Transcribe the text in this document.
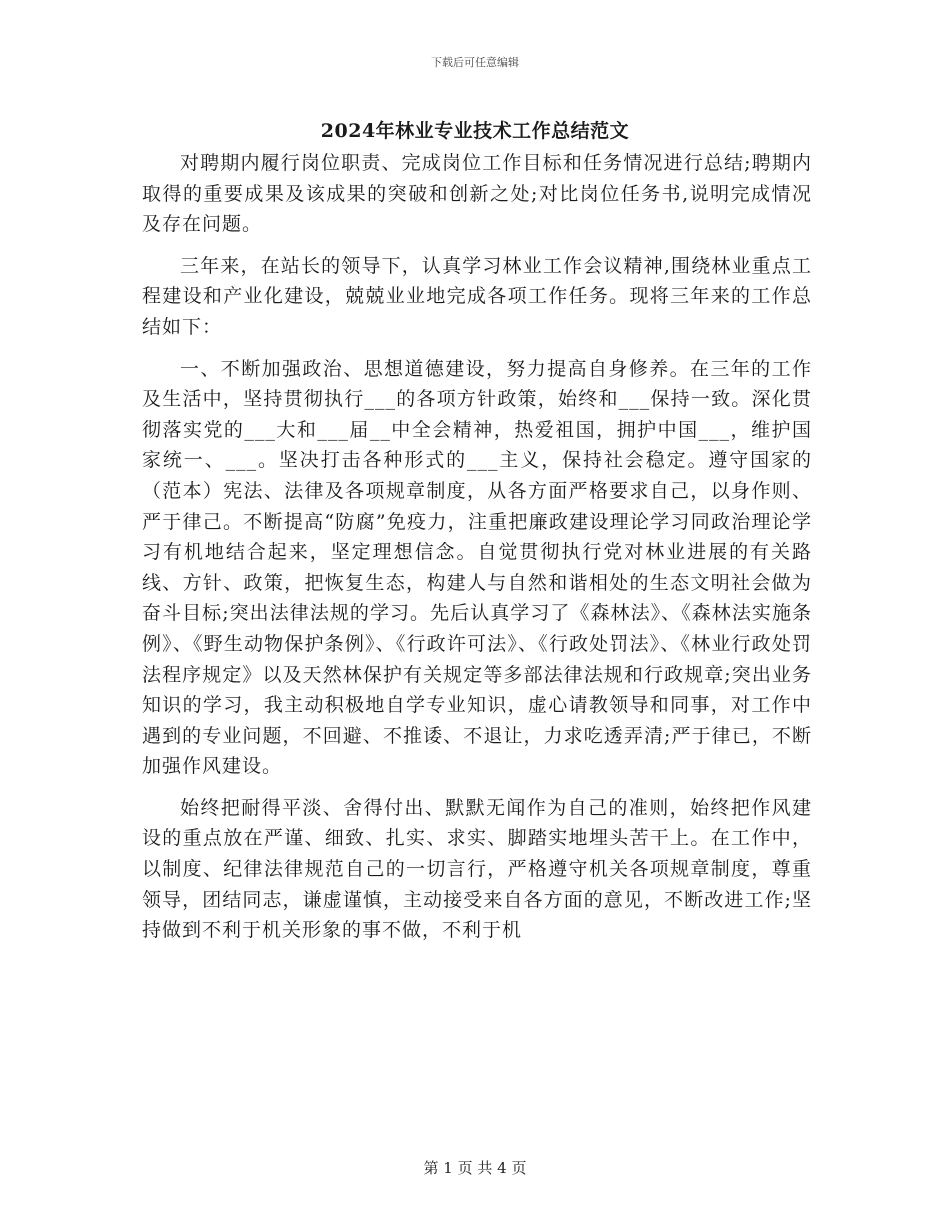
下载后可任意编辑
2024年林业专业技术工作总结范文

对聘期内履行岗位职责、完成岗位工作目标和任务情况进行总结;聘期内取得的重要成果及该成果的突破和创新之处;对比岗位任务书,说明完成情况及存在问题。

三年来，在站长的领导下，认真学习林业工作会议精神,围绕林业重点工程建设和产业化建设，兢兢业业地完成各项工作任务。现将三年来的工作总结如下：

一、不断加强政治、思想道德建设，努力提高自身修养。在三年的工作及生活中，坚持贯彻执行___的各项方针政策，始终和___保持一致。深化贯彻落实党的___大和___届__中全会精神，热爱祖国，拥护中国___，维护国家统一、___。坚决打击各种形式的___主义，保持社会稳定。遵守国家的（范本）宪法、法律及各项规章制度，从各方面严格要求自己，以身作则、严于律己。不断提高“防腐”免疫力，注重把廉政建设理论学习同政治理论学习有机地结合起来，坚定理想信念。自觉贯彻执行党对林业进展的有关路线、方针、政策，把恢复生态，构建人与自然和谐相处的生态文明社会做为奋斗目标;突出法律法规的学习。先后认真学习了《森林法》、《森林法实施条例》、《野生动物保护条例》、《行政许可法》、《行政处罚法》、《林业行政处罚法程序规定》以及天然林保护有关规定等多部法律法规和行政规章;突出业务知识的学习，我主动积极地自学专业知识，虚心请教领导和同事，对工作中遇到的专业问题，不回避、不推诿、不退让，力求吃透弄清;严于律已，不断加强作风建设。

始终把耐得平淡、舍得付出、默默无闻作为自己的准则，始终把作风建设的重点放在严谨、细致、扎实、求实、脚踏实地埋头苦干上。在工作中，以制度、纪律法律规范自己的一切言行，严格遵守机关各项规章制度，尊重领导，团结同志，谦虚谨慎，主动接受来自各方面的意见，不断改进工作;坚持做到不利于机关形象的事不做，不利于机

第 1 页 共 4 页
